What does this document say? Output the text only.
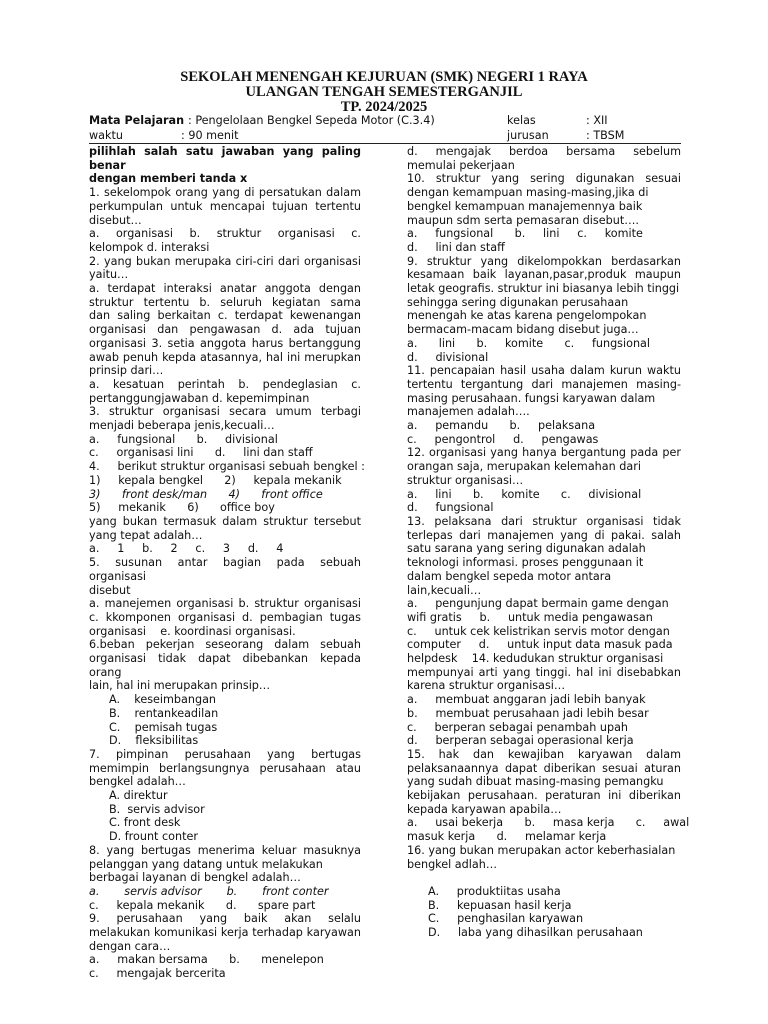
SEKOLAH MENENGAH KEJURUAN (SMK) NEGERI 1 RAYA
ULANGAN TENGAH SEMESTERGANJIL
TP. 2024/2025
Mata Pelajaran : Pengelolaan Bengkel Sepeda Motor (C.3.4)	kelas	: XII
waktu	: 90 menit	jurusan	: TBSM

pilihlah salah satu jawaban yang paling benar

dengan memberi tanda x

1. sekelompok orang yang di persatukan dalam

perkumpulan untuk mencapai tujuan tertentu

disebut…

a. organisasi b. struktur organisasi c.

kelompok d. interaksi

2. yang bukan merupaka ciri-ciri dari organisasi

yaitu…

a. terdapat interaksi anatar anggota dengan

struktur tertentu b. seluruh kegiatan sama

dan saling berkaitan c. terdapat kewenangan

organisasi dan pengawasan d. ada tujuan

organisasi 3. setia anggota harus bertanggung

awab penuh kepda atasannya, hal ini merupkan

prinsip dari…

a. kesatuan perintah b. pendeglasian c.

pertanggungjawaban d. kepemimpinan

3. struktur organisasi secara umum terbagi

menjadi beberapa jenis,kecuali…

a.     fungsional      b.     divisional

c.     organisasi lini      d.     lini dan staff

4.     berikut struktur organisasi sebuah bengkel :

1)     kepala bengkel      2)     kepala mekanik

3)      front desk/man      4)      front office

5)     mekanik      6)      office boy

yang bukan termasuk dalam struktur tersebut

yang tepat adalah…

a.     1     b.     2     c.     3     d.     4

5. susunan antar bagian pada sebuah organisasi

disebut

a. manejemen organisasi b. struktur organisasi

c. kkomponen organisasi d. pembagian tugas

organisasi    e. koordinasi organisasi.

6.beban pekerjan seseorang dalam sebuah

organisasi tidak dapat dibebankan kepada orang

lain, hal ini merupakan prinsip…

A.    keseimbangan

B.    rentankeadilan

C.    pemisah tugas

D.    fleksibilitas

7. pimpinan perusahaan yang bertugas

memimpin berlangsungnya perusahaan atau

bengkel adalah…

A. direktur

B.  servis advisor

C. front desk

D. frount conter

8. yang bertugas menerima keluar masuknya

pelanggan yang datang untuk melakukan

berbagai layanan di bengkel adalah…

a.       servis advisor       b.       front conter

c.     kepala mekanik      d.      spare part

9. perusahaan yang baik akan selalu

melakukan komunikasi kerja terhadap karyawan

dengan cara…

a.     makan bersama      b.      menelepon

c.     mengajak bercerita

d. mengajak berdoa bersama sebelum

memulai pekerjaan

10. struktur yang sering digunakan sesuai

dengan kemampuan masing-masing,jika di

bengkel kemampuan manajemennya baik

maupun sdm serta pemasaran disebut….

a.     fungsional      b.     lini     c.     komite

d.     lini dan staff

9. struktur yang dikelompokkan berdasarkan

kesamaan baik layanan,pasar,produk maupun

letak geografis. struktur ini biasanya lebih tinggi

sehingga sering digunakan perusahaan

menengah ke atas karena pengelompokan

bermacam-macam bidang disebut juga…

a.      lini      b.     komite      c.     fungsional

d.     divisional

11. pencapaian hasil usaha dalam kurun waktu

tertentu tergantung dari manajemen masing-

masing perusahaan. fungsi karyawan dalam

manajemen adalah….

a.     pemandu      b.     pelaksana

c.     pengontrol     d.     pengawas

12. organisasi yang hanya bergantung pada per

orangan saja, merupakan kelemahan dari

struktur organisasi…

a.     lini      b.     komite      c.     divisional

d.     fungsional

13. pelaksana dari struktur organisasi tidak

terlepas dari manajemen yang di pakai. salah

satu sarana yang sering digunakan adalah

teknologi informasi. proses penggunaan it

dalam bengkel sepeda motor antara

lain,kecuali…

a.     pengunjung dapat bermain game dengan

wifi gratis     b.     untuk media pengawasan

c.     untuk cek kelistrikan servis motor dengan

computer     d.     untuk input data masuk pada

helpdesk    14. kedudukan struktur organisasi

mempunyai arti yang tinggi. hal ini disebabkan

karena struktur organisasi…

a.     membuat anggaran jadi lebih banyak

b.     membuat perusahaan jadi lebih besar

c.     berperan sebagai penambah upah

d.     berperan sebagai operasional kerja

15. hak dan kewajiban karyawan dalam

pelaksanaannya dapat diberikan sesuai aturan

yang sudah dibuat masing-masing pemangku

kebijakan perusahaan. peraturan ini diberikan

kepada karyawan apabila…

a.     usai bekerja      b.     masa kerja      c.     awal

masuk kerja      d.     melamar kerja

16. yang bukan merupakan actor keberhasialan

bengkel adlah…

A.     produktiitas usaha

B.     kepuasan hasil kerja

C.     penghasilan karyawan

D.     laba yang dihasilkan perusahaan
